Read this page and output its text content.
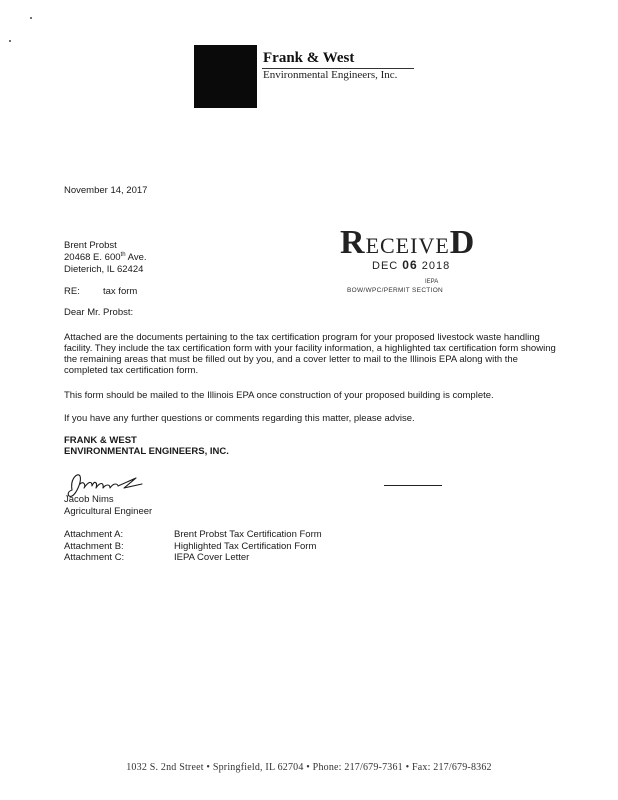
Frank & West
Environmental Engineers, Inc.
November 14, 2017
Brent Probst
20468 E. 600th Ave.
Dieterich, IL 62424
RECEIVED
DEC 06 2018
IEPA
BOW/WPC/PERMIT SECTION
RE: tax form
Dear Mr. Probst:
Attached are the documents pertaining to the tax certification program for your proposed livestock waste handling facility. They include the tax certification form with your facility information, a highlighted tax certification form showing the remaining areas that must be filled out by you, and a cover letter to mail to the Illinois EPA along with the completed tax certification form.
This form should be mailed to the Illinois EPA once construction of your proposed building is complete.
If you have any further questions or comments regarding this matter, please advise.
FRANK & WEST
ENVIRONMENTAL ENGINEERS, INC.
Jacob Nims
Agricultural Engineer
Attachment A:	Brent Probst Tax Certification Form
Attachment B:	Highlighted Tax Certification Form
Attachment C:	IEPA Cover Letter
1032 S. 2nd Street • Springfield, IL 62704 • Phone: 217/679-7361 • Fax: 217/679-8362
